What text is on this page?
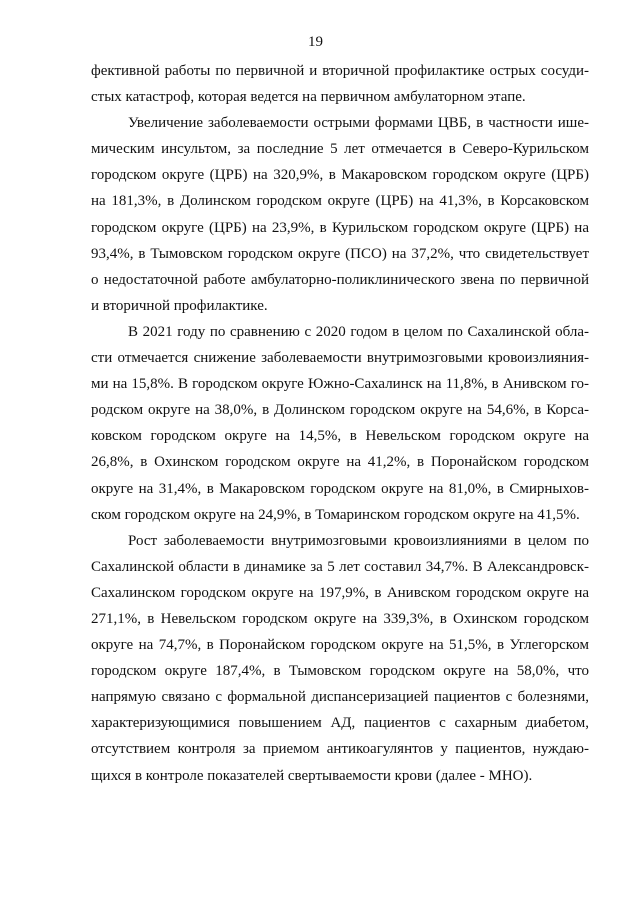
19
фективной работы по первичной и вторичной профилактике острых сосуди-
стых катастроф, которая ведется на первичном амбулаторном этапе.
Увеличение заболеваемости острыми формами ЦВБ, в частности ише-
мическим инсультом, за последние 5 лет отмечается в Северо-Курильском
городском округе (ЦРБ) на 320,9%, в Макаровском городском округе (ЦРБ)
на 181,3%, в Долинском городском округе (ЦРБ) на 41,3%, в Корсаковском
городском округе (ЦРБ) на 23,9%, в Курильском городском округе (ЦРБ) на
93,4%, в Тымовском городском округе (ПСО) на 37,2%, что свидетельствует
о недостаточной работе амбулаторно-поликлинического звена по первичной
и вторичной профилактике.
В 2021 году по сравнению с 2020 годом в целом по Сахалинской обла-
сти отмечается снижение заболеваемости внутримозговыми кровоизлияния-
ми на 15,8%. В городском округе Южно-Сахалинск на 11,8%, в Анивском го-
родском округе на 38,0%, в Долинском городском округе на 54,6%, в Корса-
ковском городском округе на 14,5%, в Невельском городском округе на
26,8%, в Охинском городском округе на 41,2%, в Поронайском городском
округе на 31,4%, в Макаровском городском округе на 81,0%, в Смирныхов-
ском городском округе на 24,9%, в Томаринском городском округе на 41,5%.
Рост заболеваемости внутримозговыми кровоизлияниями в целом по
Сахалинской области в динамике за 5 лет составил 34,7%. В Александровск-
Сахалинском городском округе на 197,9%, в Анивском городском округе на
271,1%, в Невельском городском округе на 339,3%, в Охинском городском
округе на 74,7%, в Поронайском городском округе на 51,5%, в Углегорском
городском округе 187,4%, в Тымовском городском округе на 58,0%, что
напрямую связано с формальной диспансеризацией пациентов с болезнями,
характеризующимися повышением АД, пациентов с сахарным диабетом,
отсутствием контроля за приемом антикоагулянтов у пациентов, нуждаю-
щихся в контроле показателей свертываемости крови (далее - МНО).
